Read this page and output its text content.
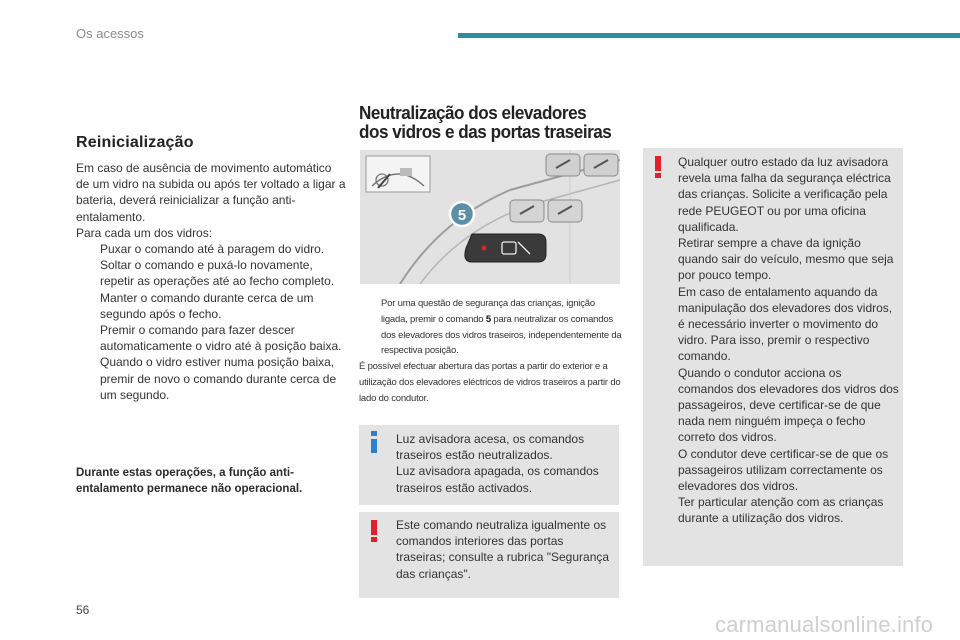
Os acessos
Reinicialização

Em caso de ausência de movimento automático de um vidro na subida ou após ter voltado a ligar a bateria, deverá reinicializar a função anti-entalamento.

Para cada um dos vidros:

Puxar o comando até à paragem do vidro.
Soltar o comando e puxá-lo novamente, repetir as operações até ao fecho completo.
Manter o comando durante cerca de um segundo após o fecho.
Premir o comando para fazer descer automaticamente o vidro até à posição baixa.
Quando o vidro estiver numa posição baixa, premir de novo o comando durante cerca de um segundo.
Durante estas operações, a função anti-entalamento permanece não operacional.
Neutralização dos elevadores
dos vidros e das portas traseiras
5
Por uma questão de segurança das crianças, ignição ligada, premir o comando 5 para neutralizar os comandos dos elevadores dos vidros traseiros, independentemente da respectiva posição.
É possível efectuar abertura das portas a partir do exterior e a utilização dos elevadores eléctricos de vidros traseiros a partir do lado do condutor.
Luz avisadora acesa, os comandos traseiros estão neutralizados.
Luz avisadora apagada, os comandos traseiros estão activados.
Este comando neutraliza igualmente os comandos interiores das portas traseiras; consulte a rubrica "Segurança das crianças".
Qualquer outro estado da luz avisadora revela uma falha da segurança eléctrica das crianças. Solicite a verificação pela rede PEUGEOT ou por uma oficina qualificada.
Retirar sempre a chave da ignição quando sair do veículo, mesmo que seja por pouco tempo.
Em caso de entalamento aquando da manipulação dos elevadores dos vidros, é necessário inverter o movimento do vidro. Para isso, premir o respectivo comando.
Quando o condutor acciona os comandos dos elevadores dos vidros dos passageiros, deve certificar-se de que nada nem ninguém impeça o fecho correto dos vidros.
O condutor deve certificar-se de que os passageiros utilizam correctamente os elevadores dos vidros.
Ter particular atenção com as crianças durante a utilização dos vidros.
56
carmanualsonline.info
